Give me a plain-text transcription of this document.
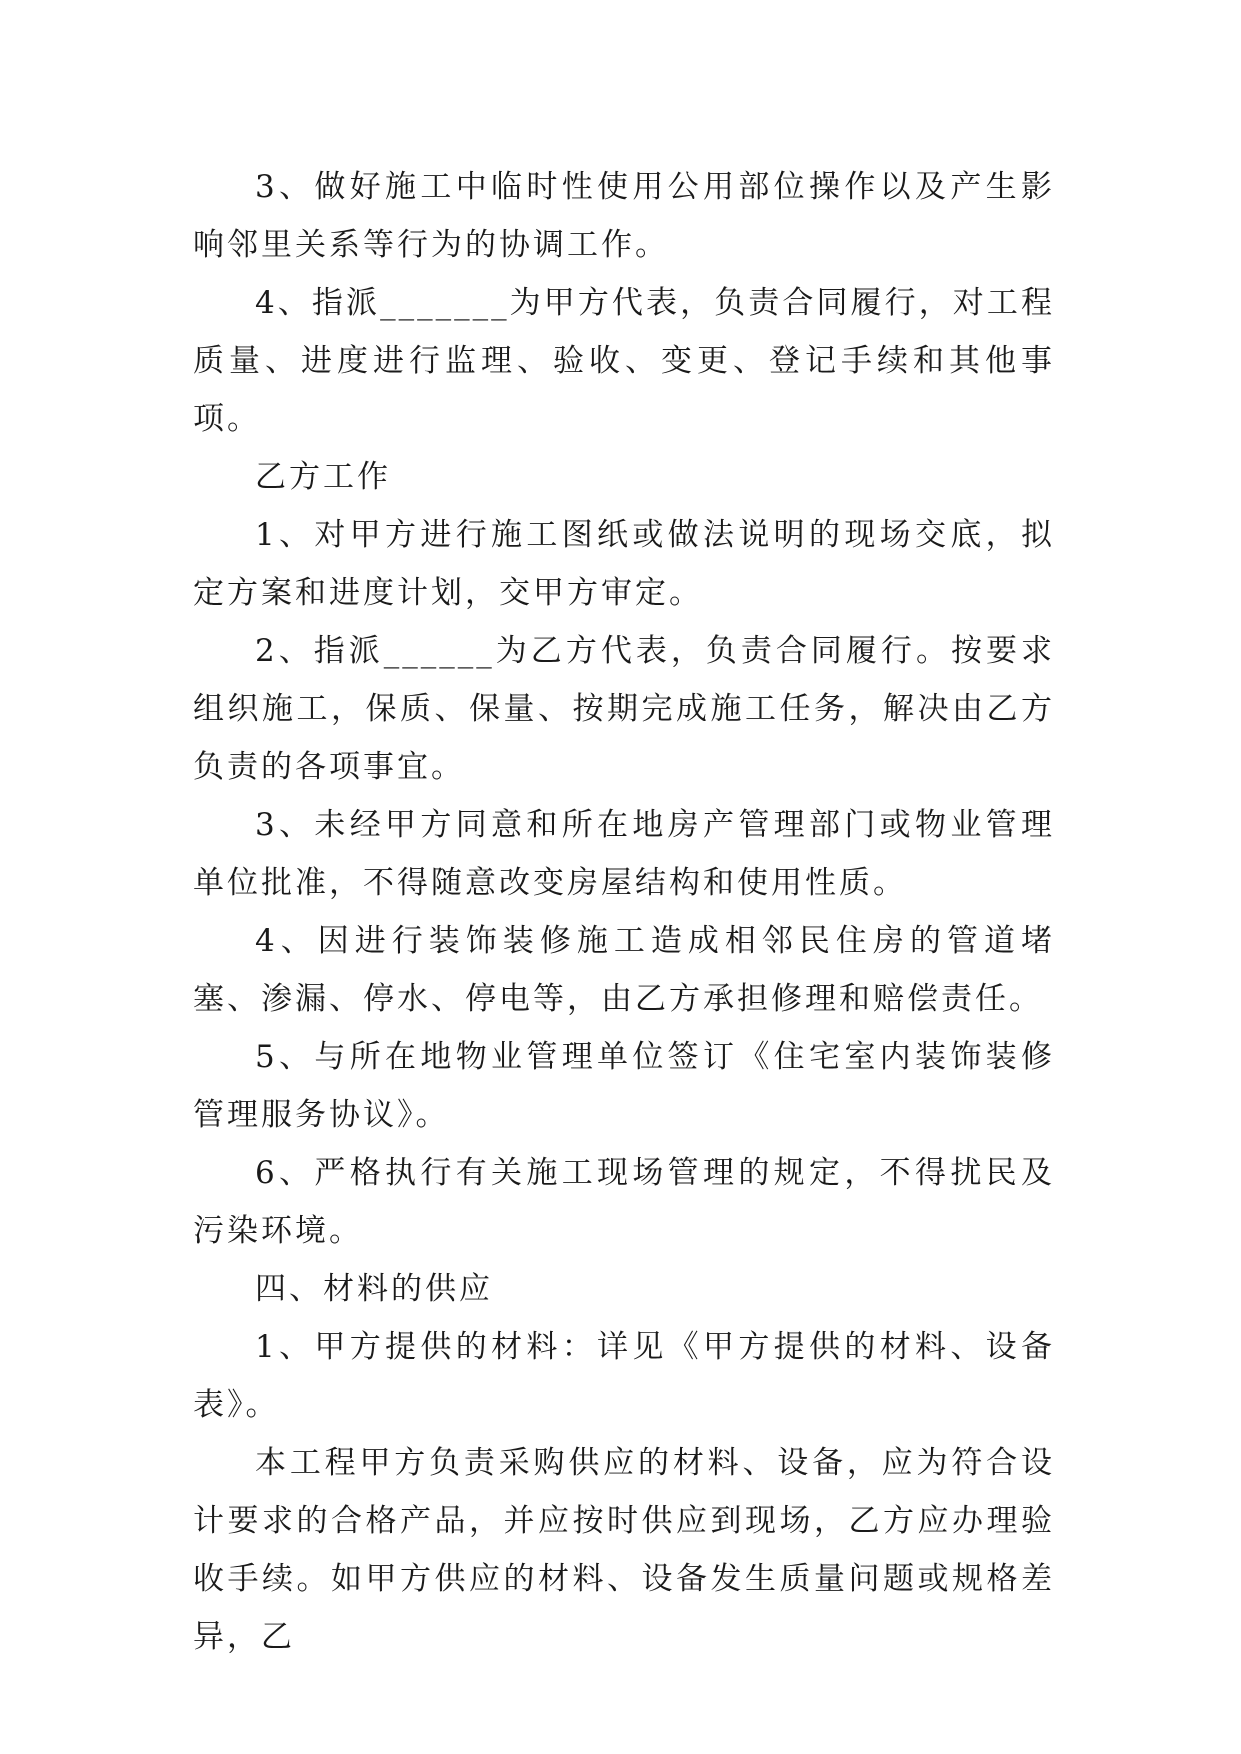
3、做好施工中临时性使用公用部位操作以及产生影响邻里关系等行为的协调工作。

4、指派_______为甲方代表，负责合同履行，对工程质量、进度进行监理、验收、变更、登记手续和其他事项。

乙方工作

1、对甲方进行施工图纸或做法说明的现场交底，拟定方案和进度计划，交甲方审定。

2、指派______为乙方代表，负责合同履行。按要求组织施工，保质、保量、按期完成施工任务，解决由乙方负责的各项事宜。

3、未经甲方同意和所在地房产管理部门或物业管理单位批准，不得随意改变房屋结构和使用性质。

4、因进行装饰装修施工造成相邻民住房的管道堵塞、渗漏、停水、停电等，由乙方承担修理和赔偿责任。

5、与所在地物业管理单位签订《住宅室内装饰装修管理服务协议》。

6、严格执行有关施工现场管理的规定，不得扰民及污染环境。

四、材料的供应

1、甲方提供的材料：详见《甲方提供的材料、设备表》。

本工程甲方负责采购供应的材料、设备，应为符合设计要求的合格产品，并应按时供应到现场，乙方应办理验收手续。如甲方供应的材料、设备发生质量问题或规格差异，乙
